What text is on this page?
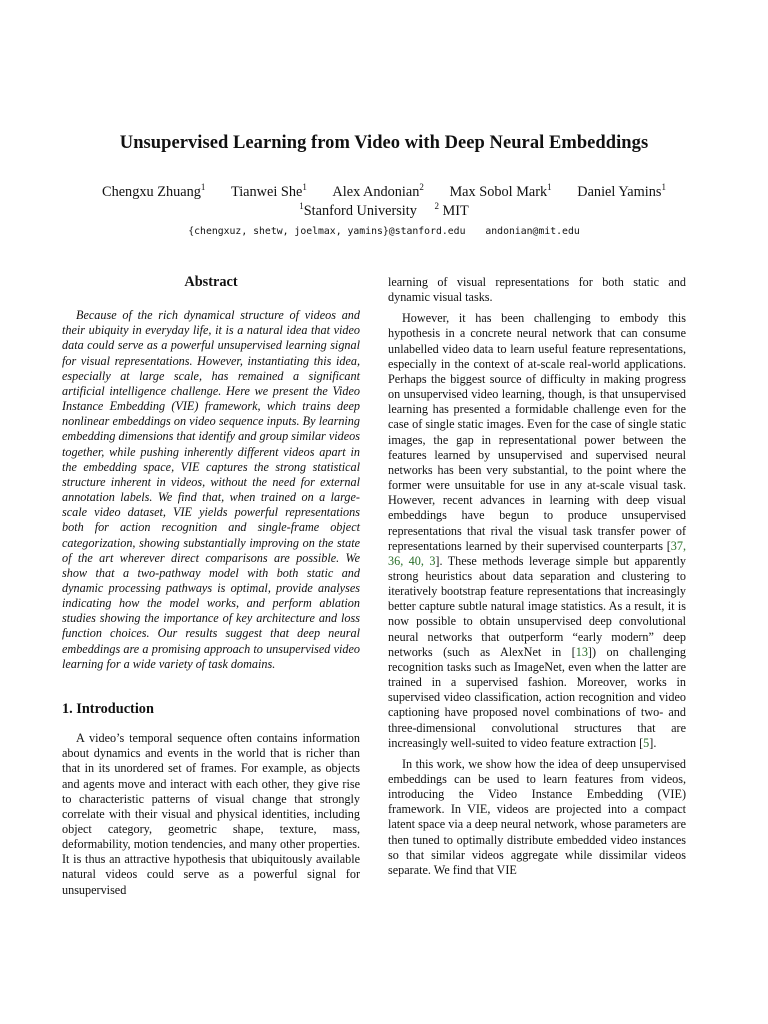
Unsupervised Learning from Video with Deep Neural Embeddings
Chengxu Zhuang$^1$ Tianwei She$^1$ Alex Andonian$^2$ Max Sobol Mark$^1$ Daniel Yamins$^1$
$^1$Stanford University $^2$ MIT
{chengxuz, shetw, joelmax, yamins}@stanford.edu andonian@mit.edu
Abstract

Because of the rich dynamical structure of videos and their ubiquity in everyday life, it is a natural idea that video data could serve as a powerful unsupervised learning signal for visual representations. However, instantiating this idea, especially at large scale, has remained a significant artificial intelligence challenge. Here we present the Video Instance Embedding (VIE) framework, which trains deep nonlinear embeddings on video sequence inputs. By learning embedding dimensions that identify and group similar videos together, while pushing inherently different videos apart in the embedding space, VIE captures the strong statistical structure inherent in videos, without the need for external annotation labels. We find that, when trained on a large-scale video dataset, VIE yields powerful representations both for action recognition and single-frame object categorization, showing substantially improving on the state of the art wherever direct comparisons are possible. We show that a two-pathway model with both static and dynamic processing pathways is optimal, provide analyses indicating how the model works, and perform ablation studies showing the importance of key architecture and loss function choices. Our results suggest that deep neural embeddings are a promising approach to unsupervised video learning for a wide variety of task domains.

1. Introduction

A video’s temporal sequence often contains information about dynamics and events in the world that is richer than that in its unordered set of frames. For example, as objects and agents move and interact with each other, they give rise to characteristic patterns of visual change that strongly correlate with their visual and physical identities, including object category, geometric shape, texture, mass, deformability, motion tendencies, and many other properties. It is thus an attractive hypothesis that ubiquitously available natural videos could serve as a powerful signal for unsupervised

learning of visual representations for both static and dynamic visual tasks.

However, it has been challenging to embody this hypothesis in a concrete neural network that can consume unlabelled video data to learn useful feature representations, especially in the context of at-scale real-world applications. Perhaps the biggest source of difficulty in making progress on unsupervised video learning, though, is that unsupervised learning has presented a formidable challenge even for the case of single static images. Even for the case of single static images, the gap in representational power between the features learned by unsupervised and supervised neural networks has been very substantial, to the point where the former were unsuitable for use in any at-scale visual task. However, recent advances in learning with deep visual embeddings have begun to produce unsupervised representations that rival the visual task transfer power of representations learned by their supervised counterparts [37, 36, 40, 3]. These methods leverage simple but apparently strong heuristics about data separation and clustering to iteratively bootstrap feature representations that increasingly better capture subtle natural image statistics. As a result, it is now possible to obtain unsupervised deep convolutional neural networks that outperform “early modern” deep networks (such as AlexNet in [13]) on challenging recognition tasks such as ImageNet, even when the latter are trained in a supervised fashion. Moreover, works in supervised video classification, action recognition and video captioning have proposed novel combinations of two- and three-dimensional convolutional structures that are increasingly well-suited to video feature extraction [5].

In this work, we show how the idea of deep unsupervised embeddings can be used to learn features from videos, introducing the Video Instance Embedding (VIE) framework. In VIE, videos are projected into a compact latent space via a deep neural network, whose parameters are then tuned to optimally distribute embedded video instances so that similar videos aggregate while dissimilar videos separate. We find that VIE
